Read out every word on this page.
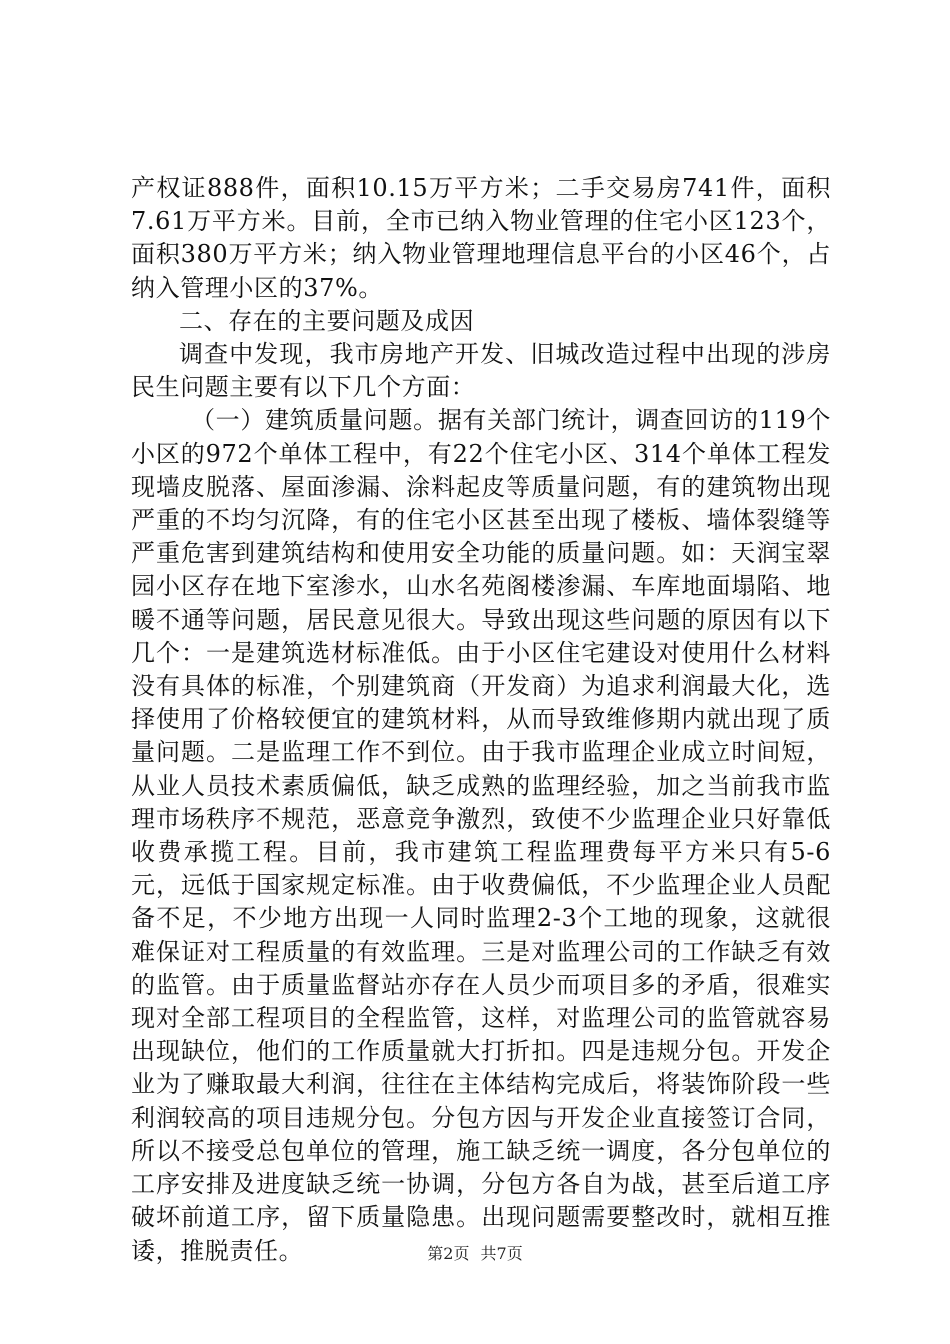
产权证888件，面积10.15万平方米；二手交易房741件，面积7.61万平方米。目前，全市已纳入物业管理的住宅小区123个，面积380万平方米；纳入物业管理地理信息平台的小区46个，占纳入管理小区的37%。

二、存在的主要问题及成因

调查中发现，我市房地产开发、旧城改造过程中出现的涉房民生问题主要有以下几个方面：

（一）建筑质量问题。据有关部门统计，调查回访的119个小区的972个单体工程中，有22个住宅小区、314个单体工程发现墙皮脱落、屋面渗漏、涂料起皮等质量问题，有的建筑物出现严重的不均匀沉降，有的住宅小区甚至出现了楼板、墙体裂缝等严重危害到建筑结构和使用安全功能的质量问题。如：天润宝翠园小区存在地下室渗水，山水名苑阁楼渗漏、车库地面塌陷、地暖不通等问题，居民意见很大。导致出现这些问题的原因有以下几个：一是建筑选材标准低。由于小区住宅建设对使用什么材料没有具体的标准，个别建筑商（开发商）为追求利润最大化，选择使用了价格较便宜的建筑材料，从而导致维修期内就出现了质量问题。二是监理工作不到位。由于我市监理企业成立时间短，从业人员技术素质偏低，缺乏成熟的监理经验，加之当前我市监理市场秩序不规范，恶意竞争激烈，致使不少监理企业只好靠低收费承揽工程。目前，我市建筑工程监理费每平方米只有5-6元，远低于国家规定标准。由于收费偏低，不少监理企业人员配备不足，不少地方出现一人同时监理2-3个工地的现象，这就很难保证对工程质量的有效监理。三是对监理公司的工作缺乏有效的监管。由于质量监督站亦存在人员少而项目多的矛盾，很难实现对全部工程项目的全程监管，这样，对监理公司的监管就容易出现缺位，他们的工作质量就大打折扣。四是违规分包。开发企业为了赚取最大利润，往往在主体结构完成后，将装饰阶段一些利润较高的项目违规分包。分包方因与开发企业直接签订合同，所以不接受总包单位的管理，施工缺乏统一调度，各分包单位的工序安排及进度缺乏统一协调，分包方各自为战，甚至后道工序破坏前道工序，留下质量隐患。出现问题需要整改时，就相互推诿，推脱责任。	第2页 共7页
